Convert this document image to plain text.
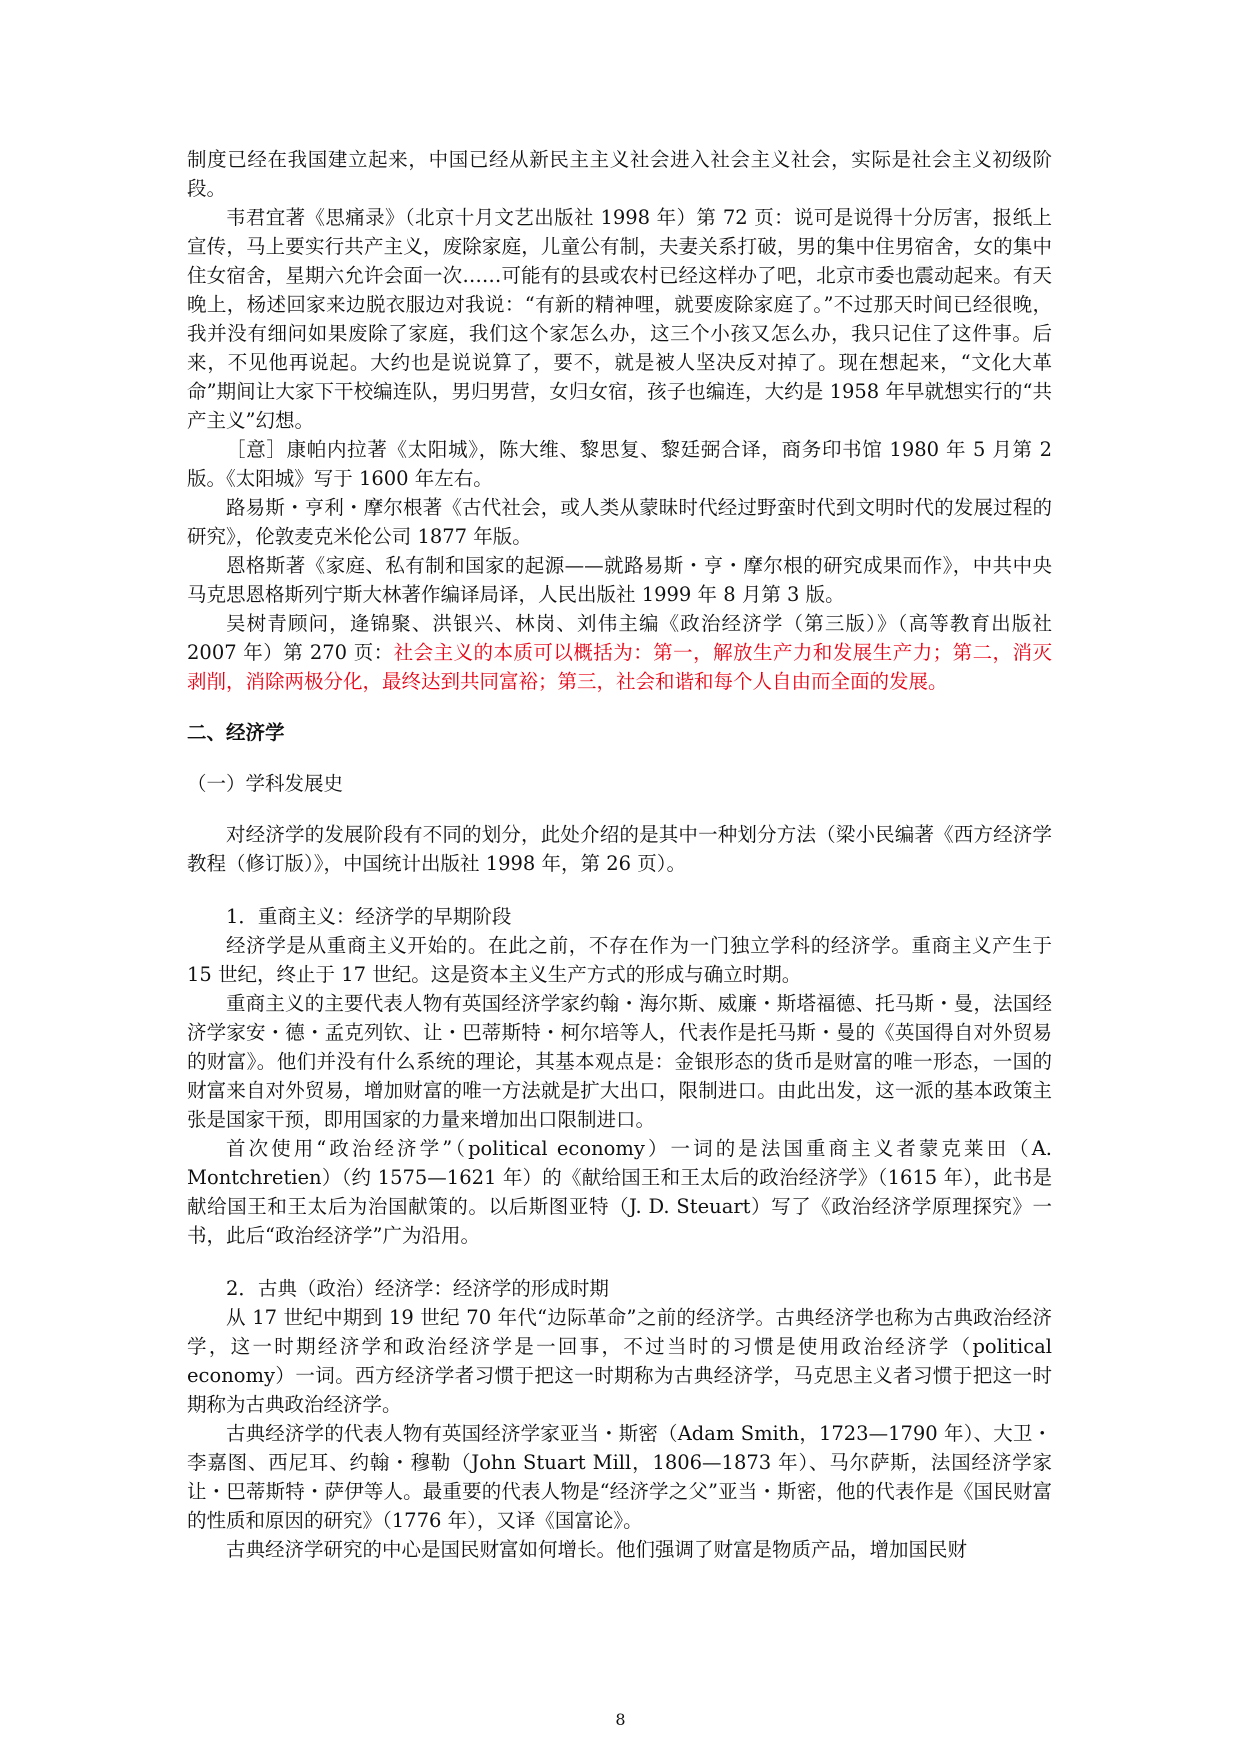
制度已经在我国建立起来，中国已经从新民主主义社会进入社会主义社会，实际是社会主义初级阶段。

韦君宜著《思痛录》（北京十月文艺出版社 1998 年）第 72 页：说可是说得十分厉害，报纸上宣传，马上要实行共产主义，废除家庭，儿童公有制，夫妻关系打破，男的集中住男宿舍，女的集中住女宿舍，星期六允许会面一次……可能有的县或农村已经这样办了吧，北京市委也震动起来。有天晚上，杨述回家来边脱衣服边对我说：“有新的精神哩，就要废除家庭了。”不过那天时间已经很晚，我并没有细问如果废除了家庭，我们这个家怎么办，这三个小孩又怎么办，我只记住了这件事。后来，不见他再说起。大约也是说说算了，要不，就是被人坚决反对掉了。现在想起来，“文化大革命”期间让大家下干校编连队，男归男营，女归女宿，孩子也编连，大约是 1958 年早就想实行的“共产主义”幻想。

［意］康帕内拉著《太阳城》，陈大维、黎思复、黎廷弼合译，商务印书馆 1980 年 5 月第 2 版。《太阳城》写于 1600 年左右。

路易斯・亨利・摩尔根著《古代社会，或人类从蒙昧时代经过野蛮时代到文明时代的发展过程的研究》，伦敦麦克米伦公司 1877 年版。

恩格斯著《家庭、私有制和国家的起源——就路易斯・亨・摩尔根的研究成果而作》，中共中央马克思恩格斯列宁斯大林著作编译局译，人民出版社 1999 年 8 月第 3 版。

吴树青顾问，逄锦聚、洪银兴、林岗、刘伟主编《政治经济学（第三版）》（高等教育出版社 2007 年）第 270 页：社会主义的本质可以概括为：第一，解放生产力和发展生产力；第二，消灭剥削，消除两极分化，最终达到共同富裕；第三，社会和谐和每个人自由而全面的发展。

二、经济学

（一）学科发展史

对经济学的发展阶段有不同的划分，此处介绍的是其中一种划分方法（梁小民编著《西方经济学教程（修订版）》，中国统计出版社 1998 年，第 26 页）。

1．重商主义：经济学的早期阶段

经济学是从重商主义开始的。在此之前，不存在作为一门独立学科的经济学。重商主义产生于 15 世纪，终止于 17 世纪。这是资本主义生产方式的形成与确立时期。

重商主义的主要代表人物有英国经济学家约翰・海尔斯、威廉・斯塔福德、托马斯・曼，法国经济学家安・德・孟克列钦、让・巴蒂斯特・柯尔培等人，代表作是托马斯・曼的《英国得自对外贸易的财富》。他们并没有什么系统的理论，其基本观点是：金银形态的货币是财富的唯一形态，一国的财富来自对外贸易，增加财富的唯一方法就是扩大出口，限制进口。由此出发，这一派的基本政策主张是国家干预，即用国家的力量来增加出口限制进口。

首次使用“政治经济学”（political economy）一词的是法国重商主义者蒙克莱田（A. Montchretien）（约 1575—1621 年）的《献给国王和王太后的政治经济学》（1615 年），此书是献给国王和王太后为治国献策的。以后斯图亚特（J. D. Steuart）写了《政治经济学原理探究》一书，此后“政治经济学”广为沿用。

2．古典（政治）经济学：经济学的形成时期

从 17 世纪中期到 19 世纪 70 年代“边际革命”之前的经济学。古典经济学也称为古典政治经济学，这一时期经济学和政治经济学是一回事，不过当时的习惯是使用政治经济学（political economy）一词。西方经济学者习惯于把这一时期称为古典经济学，马克思主义者习惯于把这一时期称为古典政治经济学。

古典经济学的代表人物有英国经济学家亚当・斯密（Adam Smith，1723—1790 年）、大卫・李嘉图、西尼耳、约翰・穆勒（John Stuart Mill，1806—1873 年）、马尔萨斯，法国经济学家让・巴蒂斯特・萨伊等人。最重要的代表人物是“经济学之父”亚当・斯密，他的代表作是《国民财富的性质和原因的研究》（1776 年），又译《国富论》。

古典经济学研究的中心是国民财富如何增长。他们强调了财富是物质产品，增加国民财

8
